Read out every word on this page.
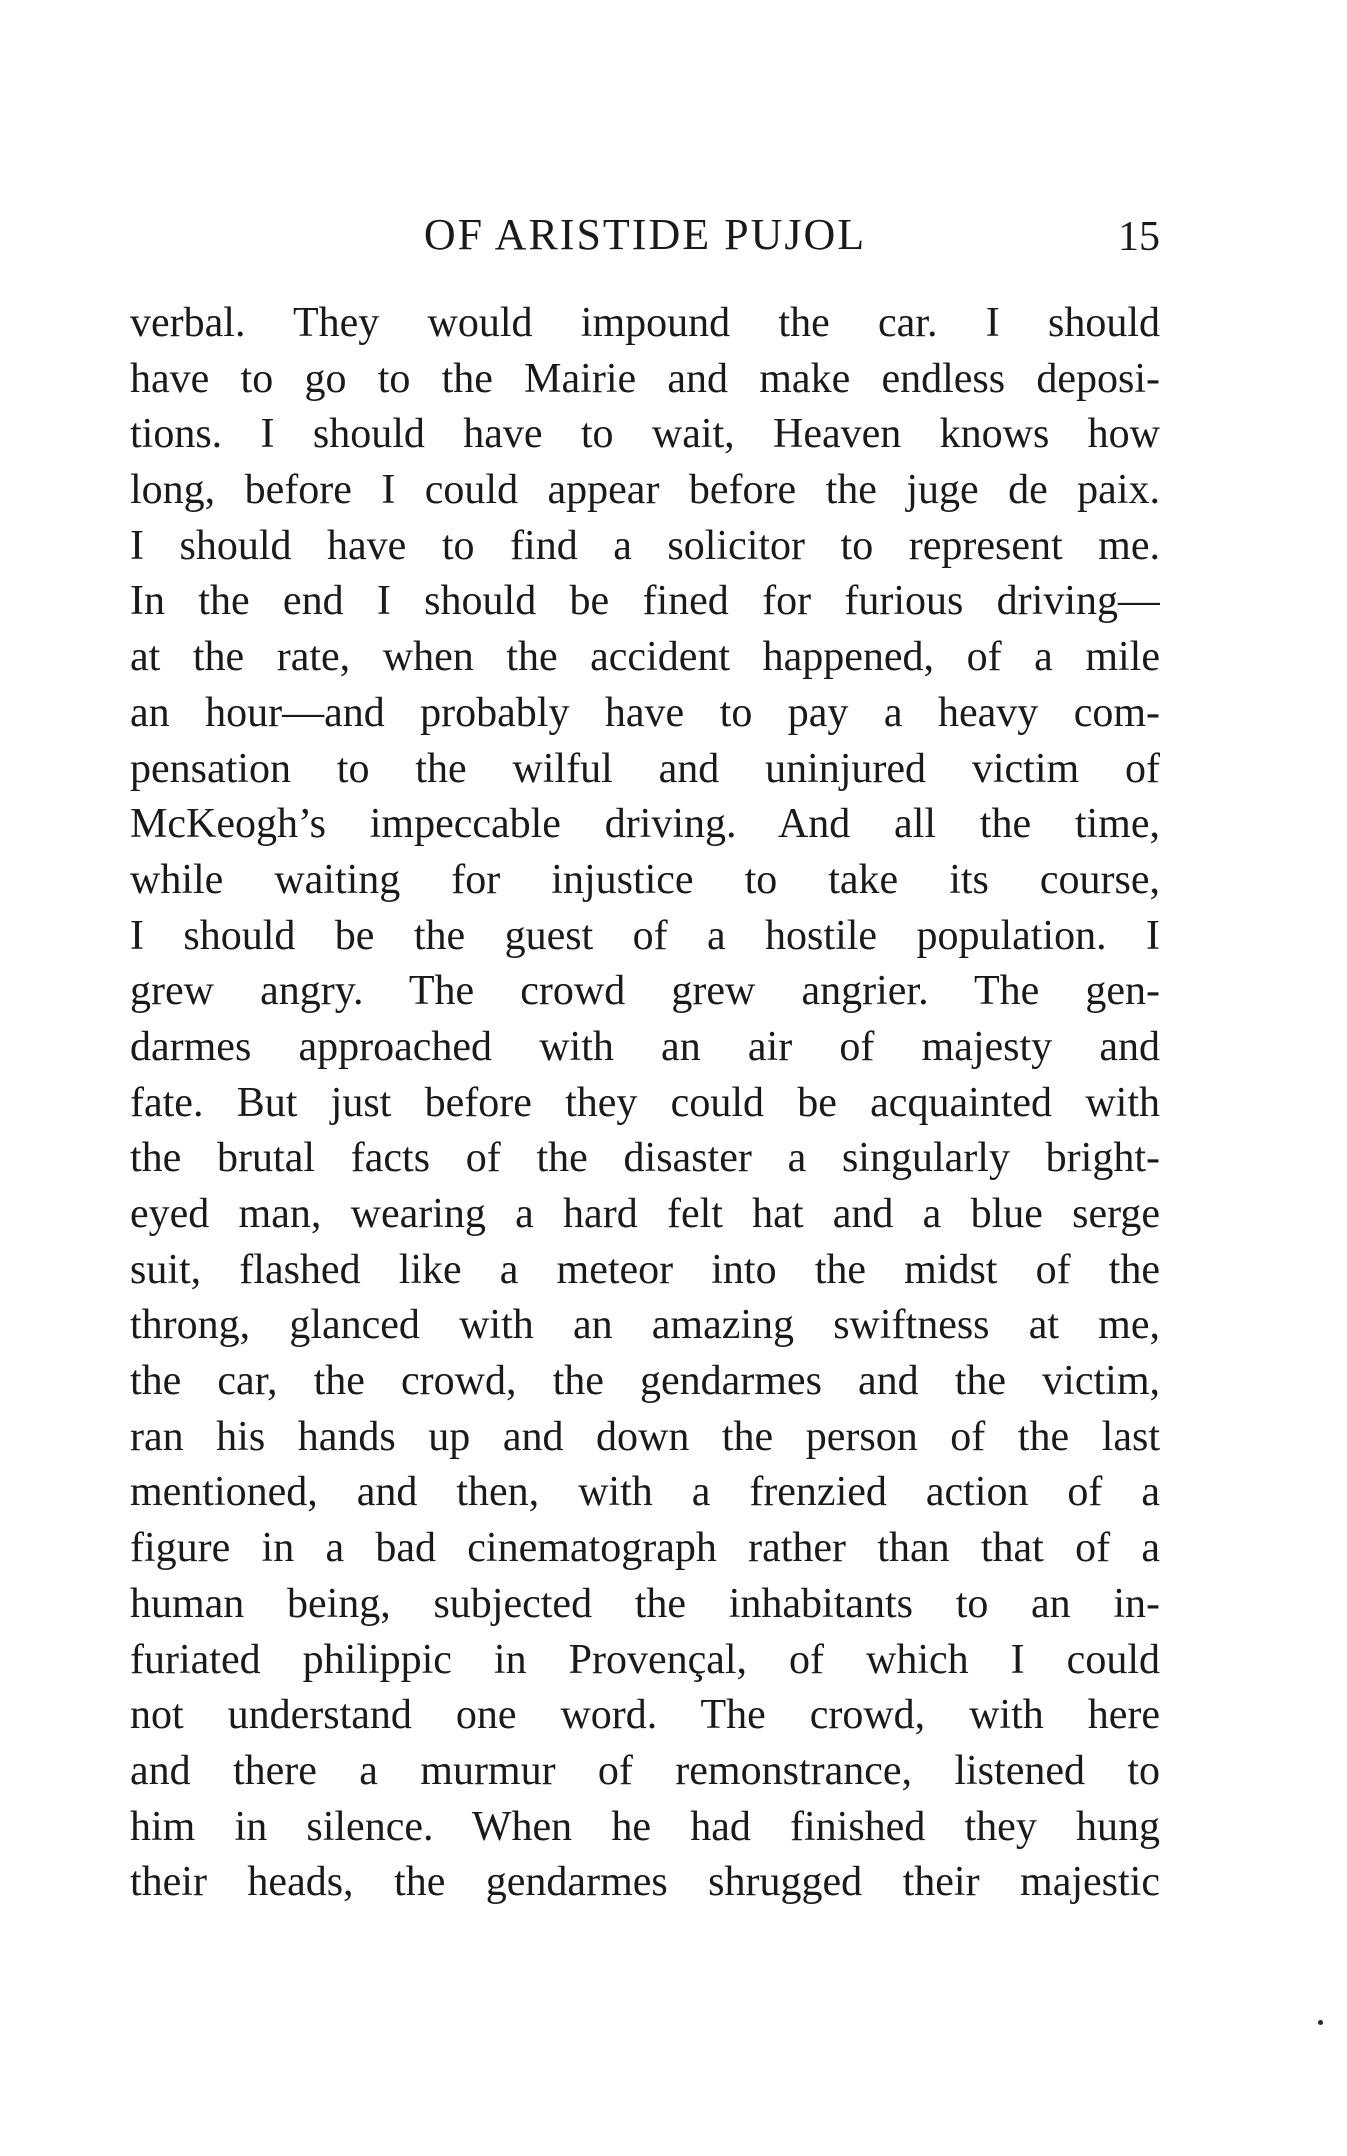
OF ARISTIDE PUJOL	15
verbal. They would impound the car. I should
have to go to the Mairie and make endless deposi-
tions. I should have to wait, Heaven knows how
long, before I could appear before the juge de paix.
I should have to find a solicitor to represent me.
In the end I should be fined for furious driving—
at the rate, when the accident happened, of a mile
an hour—and probably have to pay a heavy com-
pensation to the wilful and uninjured victim of
McKeogh’s impeccable driving. And all the time,
while waiting for injustice to take its course,
I should be the guest of a hostile population. I
grew angry. The crowd grew angrier. The gen-
darmes approached with an air of majesty and
fate. But just before they could be acquainted with
the brutal facts of the disaster a singularly bright-
eyed man, wearing a hard felt hat and a blue serge
suit, flashed like a meteor into the midst of the
throng, glanced with an amazing swiftness at me,
the car, the crowd, the gendarmes and the victim,
ran his hands up and down the person of the last
mentioned, and then, with a frenzied action of a
figure in a bad cinematograph rather than that of a
human being, subjected the inhabitants to an in-
furiated philippic in Provençal, of which I could
not understand one word. The crowd, with here
and there a murmur of remonstrance, listened to
him in silence. When he had finished they hung
their heads, the gendarmes shrugged their majestic
